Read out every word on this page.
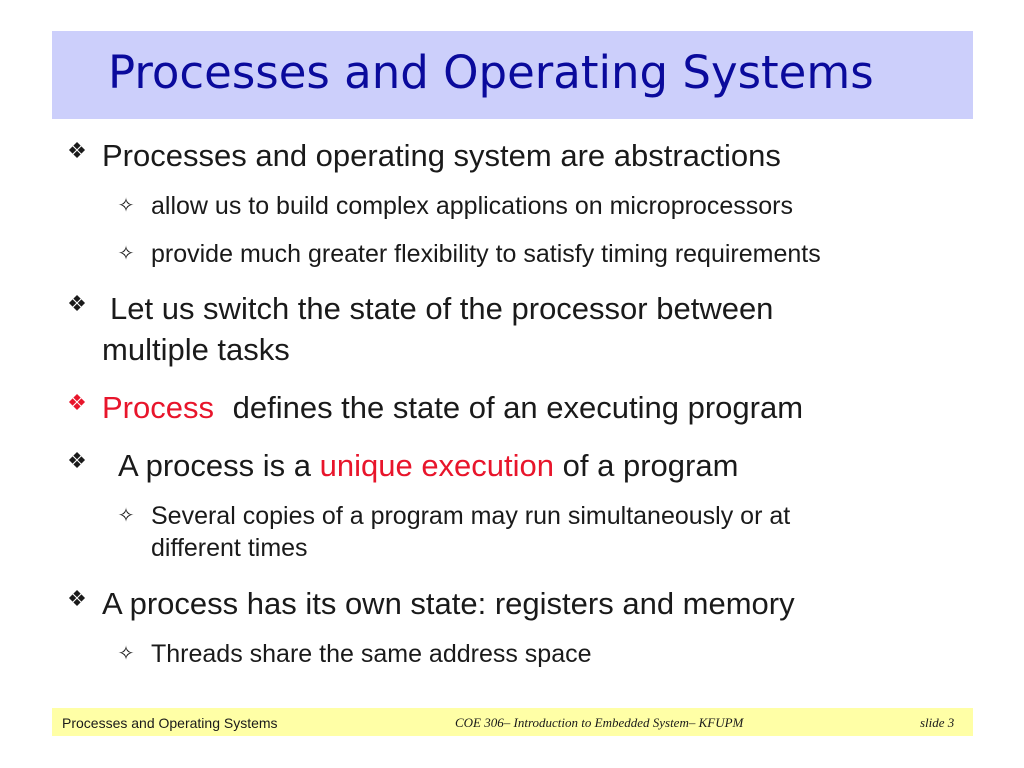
Processes and Operating Systems
❖ Processes and operating system are abstractions
✧ allow us to build complex applications on microprocessors
✧ provide much greater flexibility to satisfy timing requirements
❖ Let us switch the state of the processor between
multiple tasks
❖ Process defines the state of an executing program
❖ A process is a unique execution of a program
✧ Several copies of a program may run simultaneously or at
different times
❖ A process has its own state: registers and memory
✧ Threads share the same address space
Processes and Operating Systems	COE 306– Introduction to Embedded System– KFUPM	slide 3
